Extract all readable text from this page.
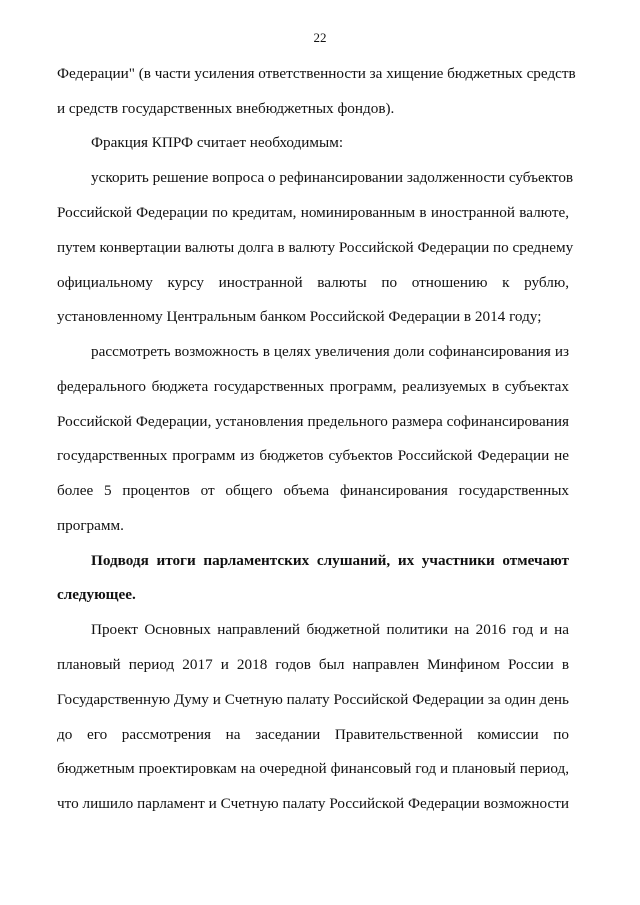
22
Федерации" (в части усиления ответственности за хищение бюджетных средств
и средств государственных внебюджетных фондов).
Фракция КПРФ считает необходимым:
ускорить решение вопроса о рефинансировании задолженности субъектов
Российской Федерации по кредитам, номинированным в иностранной валюте,
путем конвертации валюты долга в валюту Российской Федерации по среднему
официальному курсу иностранной валюты по отношению к рублю,
установленному Центральным банком Российской Федерации в 2014 году;
рассмотреть возможность в целях увеличения доли софинансирования из
федерального бюджета государственных программ, реализуемых в субъектах
Российской Федерации, установления предельного размера софинансирования
государственных программ из бюджетов субъектов Российской Федерации не
более 5 процентов от общего объема финансирования государственных
программ.
Подводя итоги парламентских слушаний, их участники отмечают
следующее.
Проект Основных направлений бюджетной политики на 2016 год и на
плановый период 2017 и 2018 годов был направлен Минфином России в
Государственную Думу и Счетную палату Российской Федерации за один день
до его рассмотрения на заседании Правительственной комиссии по
бюджетным проектировкам на очередной финансовый год и плановый период,
что лишило парламент и Счетную палату Российской Федерации возможности
